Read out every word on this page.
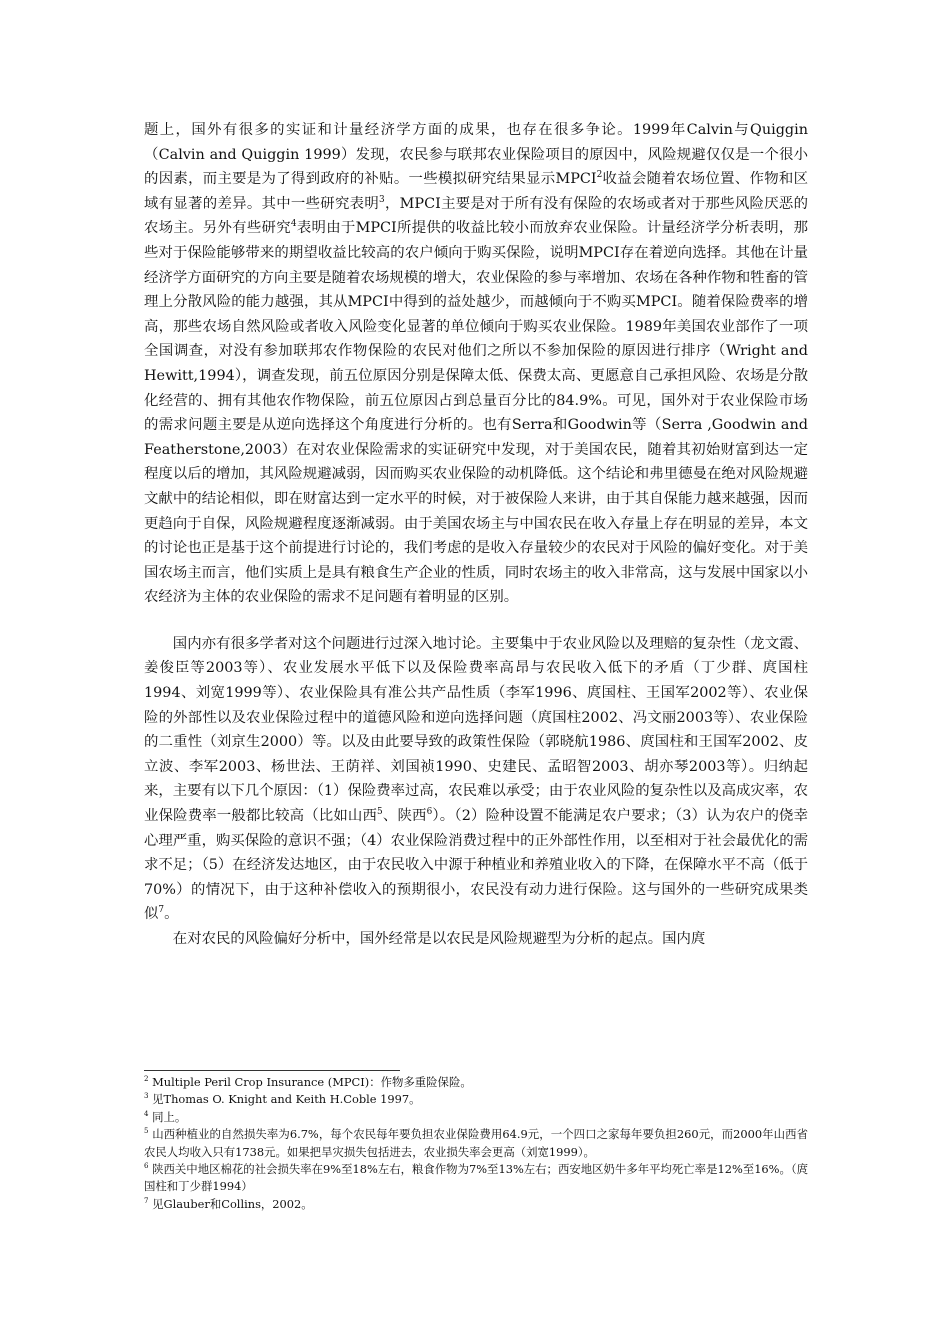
题上，国外有很多的实证和计量经济学方面的成果，也存在很多争论。1999年Calvin与Quiggin（Calvin and Quiggin 1999）发现，农民参与联邦农业保险项目的原因中，风险规避仅仅是一个很小的因素，而主要是为了得到政府的补贴。一些模拟研究结果显示MPCI$^2$收益会随着农场位置、作物和区域有显著的差异。其中一些研究表明$^3$，MPCI主要是对于所有没有保险的农场或者对于那些风险厌恶的农场主。另外有些研究$^4$表明由于MPCI所提供的收益比较小而放弃农业保险。计量经济学分析表明，那些对于保险能够带来的期望收益比较高的农户倾向于购买保险，说明MPCI存在着逆向选择。其他在计量经济学方面研究的方向主要是随着农场规模的增大，农业保险的参与率增加、农场在各种作物和牲畜的管理上分散风险的能力越强，其从MPCI中得到的益处越少，而越倾向于不购买MPCI。随着保险费率的增高，那些农场自然风险或者收入风险变化显著的单位倾向于购买农业保险。1989年美国农业部作了一项全国调查，对没有参加联邦农作物保险的农民对他们之所以不参加保险的原因进行排序（Wright and Hewitt,1994），调查发现，前五位原因分别是保障太低、保费太高、更愿意自己承担风险、农场是分散化经营的、拥有其他农作物保险，前五位原因占到总量百分比的84.9%。可见，国外对于农业保险市场的需求问题主要是从逆向选择这个角度进行分析的。也有Serra和Goodwin等（Serra ,Goodwin and Featherstone,2003）在对农业保险需求的实证研究中发现，对于美国农民，随着其初始财富到达一定程度以后的增加，其风险规避减弱，因而购买农业保险的动机降低。这个结论和弗里德曼在绝对风险规避文献中的结论相似，即在财富达到一定水平的时候，对于被保险人来讲，由于其自保能力越来越强，因而更趋向于自保，风险规避程度逐渐减弱。由于美国农场主与中国农民在收入存量上存在明显的差异，本文的讨论也正是基于这个前提进行讨论的，我们考虑的是收入存量较少的农民对于风险的偏好变化。对于美国农场主而言，他们实质上是具有粮食生产企业的性质，同时农场主的收入非常高，这与发展中国家以小农经济为主体的农业保险的需求不足问题有着明显的区别。

国内亦有很多学者对这个问题进行过深入地讨论。主要集中于农业风险以及理赔的复杂性（龙文霞、姜俊臣等2003等）、农业发展水平低下以及保险费率高昂与农民收入低下的矛盾（丁少群、庹国柱1994、刘宽1999等）、农业保险具有准公共产品性质（李军1996、庹国柱、王国军2002等）、农业保险的外部性以及农业保险过程中的道德风险和逆向选择问题（庹国柱2002、冯文丽2003等）、农业保险的二重性（刘京生2000）等。以及由此要导致的政策性保险（郭晓航1986、庹国柱和王国军2002、皮立波、李军2003、杨世法、王荫祥、刘国祯1990、史建民、孟昭智2003、胡亦琴2003等）。归纳起来，主要有以下几个原因：（1）保险费率过高，农民难以承受；由于农业风险的复杂性以及高成灾率，农业保险费率一般都比较高（比如山西$^5$、陕西$^6$）。（2）险种设置不能满足农户要求；（3）认为农户的侥幸心理严重，购买保险的意识不强；（4）农业保险消费过程中的正外部性作用，以至相对于社会最优化的需求不足；（5）在经济发达地区，由于农民收入中源于种植业和养殖业收入的下降，在保障水平不高（低于70%）的情况下，由于这种补偿收入的预期很小，农民没有动力进行保险。这与国外的一些研究成果类似$^7$。

在对农民的风险偏好分析中，国外经常是以农民是风险规避型为分析的起点。国内庹

$^2$ Multiple Peril Crop Insurance (MPCI)：作物多重险保险。

$^3$ 见Thomas O. Knight and Keith H.Coble 1997。

$^4$ 同上。

$^5$ 山西种植业的自然损失率为6.7%，每个农民每年要负担农业保险费用64.9元，一个四口之家每年要负担260元，而2000年山西省农民人均收入只有1738元。如果把旱灾损失包括进去，农业损失率会更高（刘宽1999）。

$^6$ 陕西关中地区棉花的社会损失率在9%至18%左右，粮食作物为7%至13%左右；西安地区奶牛多年平均死亡率是12%至16%。（庹国柱和丁少群1994）

$^7$ 见Glauber和Collins，2002。
